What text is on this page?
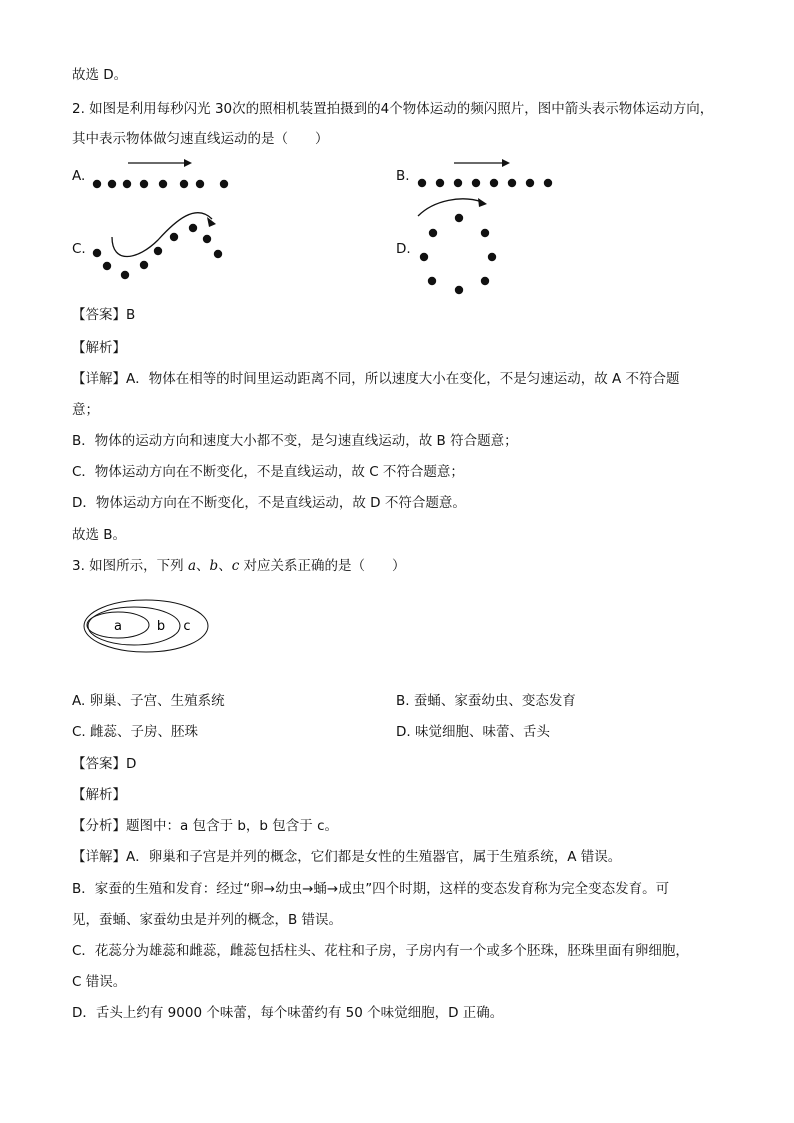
故选 D。
2. 如图是利用每秒闪光 30次的照相机装置拍摄到的4个物体运动的频闪照片，图中箭头表示物体运动方向，
其中表示物体做匀速直线运动的是（　　）
A.	B.
C.	D.
【答案】B
【解析】
【详解】A．物体在相等的时间里运动距离不同，所以速度大小在变化，不是匀速运动，故 A 不符合题
意；
B．物体的运动方向和速度大小都不变，是匀速直线运动，故 B 符合题意；
C．物体运动方向在不断变化，不是直线运动，故 C 不符合题意；
D．物体运动方向在不断变化，不是直线运动，故 D 不符合题意。
故选 B。
3. 如图所示，下列 a、b、c 对应关系正确的是（　　）
a	b c
A. 卵巢、子宫、生殖系统	B. 蚕蛹、家蚕幼虫、变态发育
C. 雌蕊、子房、胚珠	D. 味觉细胞、味蕾、舌头
【答案】D
【解析】
【分析】题图中：a 包含于 b，b 包含于 c。
【详解】A．卵巢和子宫是并列的概念，它们都是女性的生殖器官，属于生殖系统，A 错误。
B．家蚕的生殖和发育：经过“卵→幼虫→蛹→成虫”四个时期，这样的变态发育称为完全变态发育。可
见，蚕蛹、家蚕幼虫是并列的概念，B 错误。
C．花蕊分为雄蕊和雌蕊，雌蕊包括柱头、花柱和子房，子房内有一个或多个胚珠，胚珠里面有卵细胞，
C 错误。
D．舌头上约有 9000 个味蕾，每个味蕾约有 50 个味觉细胞，D 正确。
